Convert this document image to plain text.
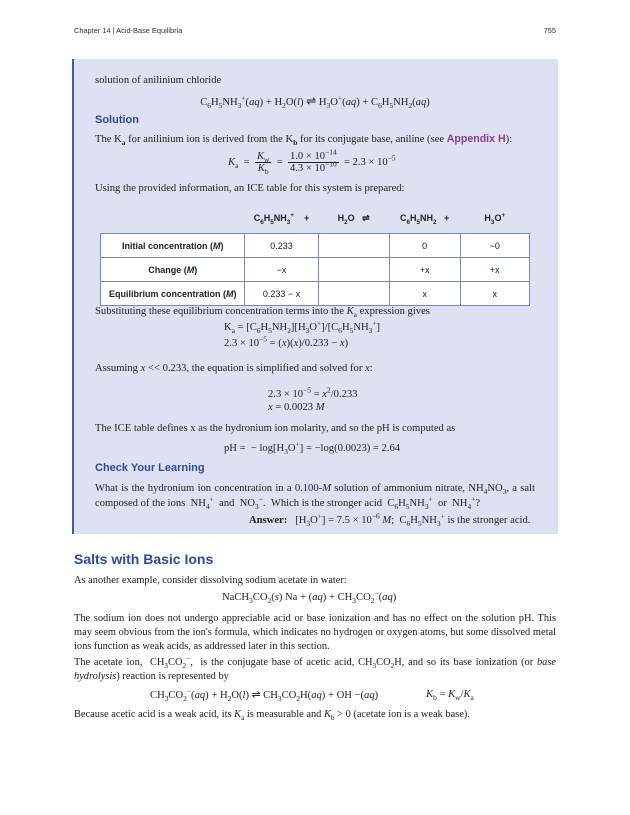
Chapter 14 | Acid-Base Equilibria	755
solution of anilinium chloride
$C_6H_5NH_3^+(aq) + H_2O(l)$ ⇌ $H_3O^+(aq) + C_6H_5NH_2(aq)$
Solution
The $K_a$ for anilinium ion is derived from the $K_b$ for its conjugate base, aniline (see Appendix H):
$K_a = \frac{K_w}{K_b} = \frac{1.0 \times 10^{-14}}{4.3 \times 10^{-10}} = 2.3 \times 10^{-5}$
Using the provided information, an ICE table for this system is prepared:
	$C_6H_5NH_3^+$    +	$H_2O$   ⇌	$C_6H_5NH_2$   +	$H_3O^+$
Initial concentration (M)	0.233		0	~0
Change (M)	−x		+x	+x
Equilibrium concentration (M)	0.233 − x		x	x
Substituting these equilibrium concentration terms into the $K_a$ expression gives
$K_a = [C_6H_5NH_2][H_3O^+]/[C_6H_5NH_3^+]$
$2.3 \times 10^{-5} = (x)(x)/0.233 - x$)
Assuming x << 0.233, the equation is simplified and solved for x:
$2.3 \times 10^{-5} = x^2/0.233$
x = 0.0023 M
The ICE table defines x as the hydronium ion molarity, and so the pH is computed as
pH =  − $\log[H_3O^+] = -\log(0.0023) = 2.64$
Check Your Learning
What is the hydronium ion concentration in a 0.100-M solution of ammonium nitrate, $NH_4NO_3$, a salt composed of the ions  $NH_4^+$  and  $NO_3^-$.  Which is the stronger acid  $C_6H_5NH_3^+$  or  $NH_4^+$?
Answer:   $[H_3O^+] = 7.5 \times 10^{-6}$ M;  $C_6H_5NH_3^+$ is the stronger acid.
Salts with Basic Ions
As another example, consider dissolving sodium acetate in water:
$NaCH_3CO_2(s) Na + (aq) + CH_3CO_2^-(aq)$
The sodium ion does not undergo appreciable acid or base ionization and has no effect on the solution pH. This may seem obvious from the ion's formula, which indicates no hydrogen or oxygen atoms, but some dissolved metal ions function as weak acids, as addressed later in this section.
The acetate ion,  $CH_3CO_2^-$,  is the conjugate base of acetic acid, $CH_3CO_2H$, and so its base ionization (or base hydrolysis) reaction is represented by
$CH_3CO_2^-(aq) + H_2O(l)$ ⇌ $CH_3CO_2H(aq)$ + OH −(aq)	$K_b = K_w/K_a$
Because acetic acid is a weak acid, its $K_a$ is measurable and $K_b > 0$ (acetate ion is a weak base).
